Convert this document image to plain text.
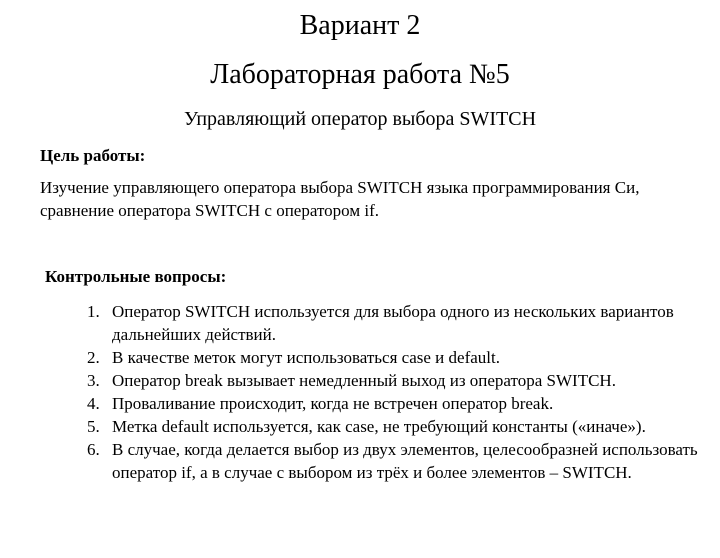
Вариант 2
Лабораторная работа №5
Управляющий оператор выбора SWITCH
Цель работы:
Изучение управляющего оператора выбора SWITCH языка программирования Си, сравнение оператора SWITCH с оператором if.
Контрольные вопросы:
1. Оператор SWITCH используется для выбора одного из нескольких вариантов дальнейших действий.
2. В качестве меток могут использоваться case и default.
3. Оператор break вызывает немедленный выход из оператора SWITCH.
4. Проваливание происходит, когда не встречен оператор break.
5. Метка default используется, как case, не требующий константы («иначе»).
6. В случае, когда делается выбор из двух элементов, целесообразней использовать оператор if, а в случае с выбором из трёх и более элементов – SWITCH.
